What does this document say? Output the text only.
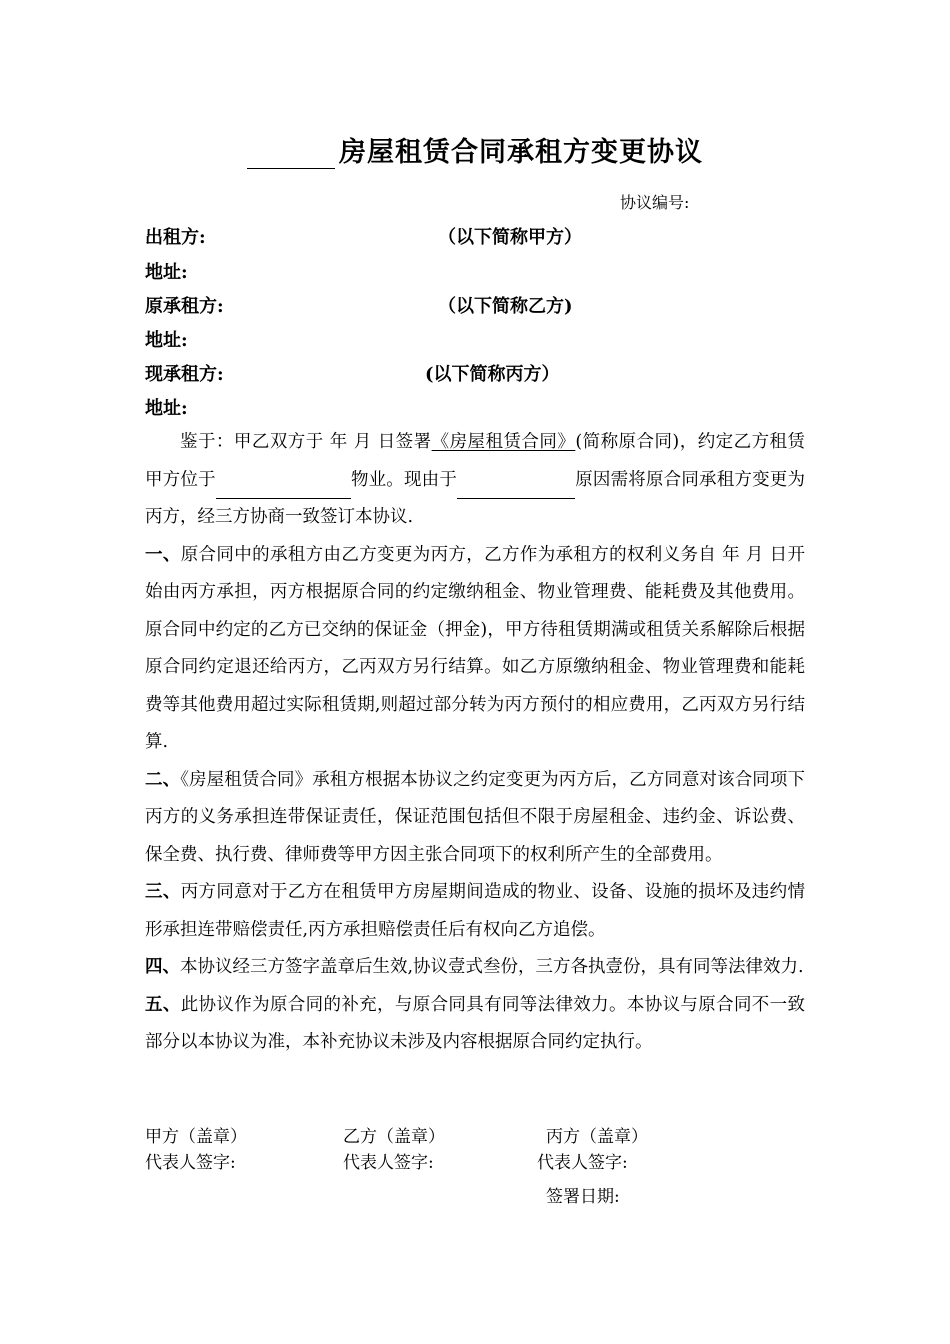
房屋租赁合同承租方变更协议
协议编号:
出租方:	（以下简称甲方）
地址:
原承租方:	（以下简称乙方)
地址:
现承租方:	(以下简称丙方）
地址:

鉴于：甲乙双方于 年 月 日签署《房屋租赁合同》(简称原合同)，约定乙方租赁甲方位于	物业。现由于	原因需将原合同承租方变更为丙方，经三方协商一致签订本协议.

一、原合同中的承租方由乙方变更为丙方，乙方作为承租方的权利义务自 年 月 日开始由丙方承担，丙方根据原合同的约定缴纳租金、物业管理费、能耗费及其他费用。原合同中约定的乙方已交纳的保证金（押金)，甲方待租赁期满或租赁关系解除后根据原合同约定退还给丙方，乙丙双方另行结算。如乙方原缴纳租金、物业管理费和能耗费等其他费用超过实际租赁期,则超过部分转为丙方预付的相应费用，乙丙双方另行结算.

二、《房屋租赁合同》承租方根据本协议之约定变更为丙方后，乙方同意对该合同项下丙方的义务承担连带保证责任，保证范围包括但不限于房屋租金、违约金、诉讼费、保全费、执行费、律师费等甲方因主张合同项下的权利所产生的全部费用。

三、丙方同意对于乙方在租赁甲方房屋期间造成的物业、设备、设施的损坏及违约情形承担连带赔偿责任,丙方承担赔偿责任后有权向乙方追偿。

四、本协议经三方签字盖章后生效,协议壹式叁份，三方各执壹份，具有同等法律效力.

五、此协议作为原合同的补充，与原合同具有同等法律效力。本协议与原合同不一致部分以本协议为准，本补充协议未涉及内容根据原合同约定执行。

甲方（盖章）	乙方（盖章）	丙方（盖章）
代表人签字:	代表人签字:	代表人签字:
签署日期:
